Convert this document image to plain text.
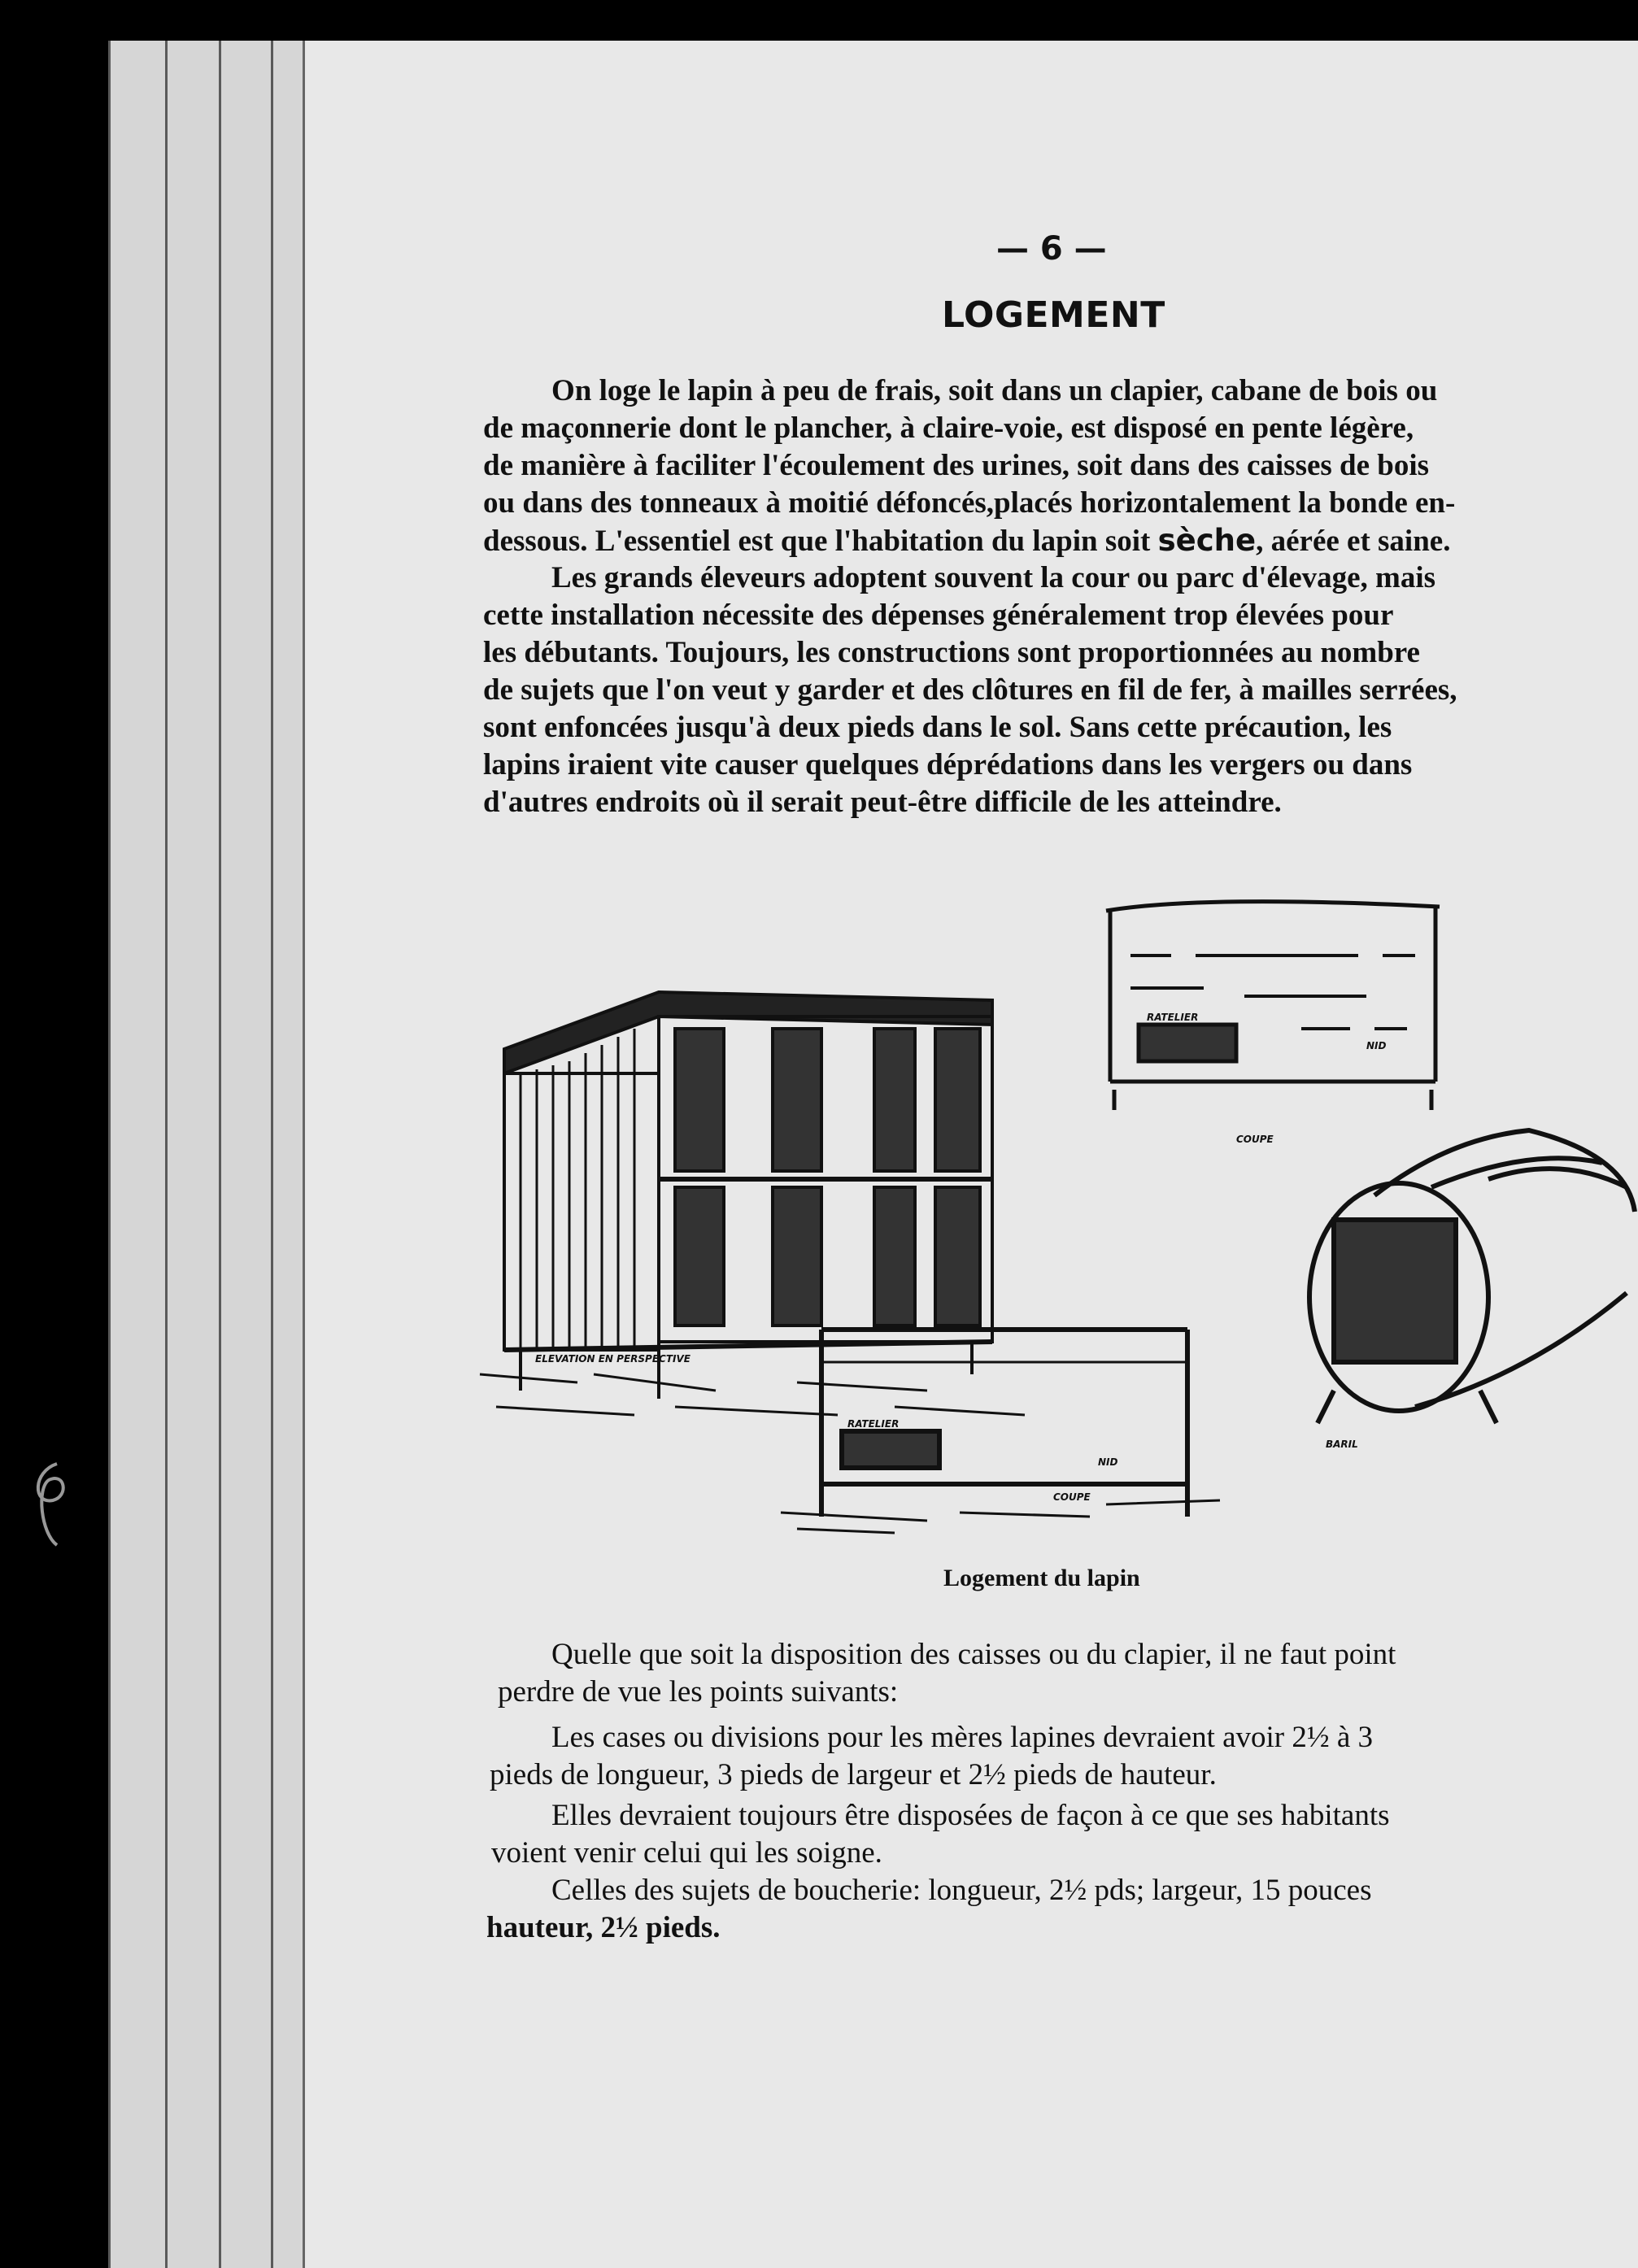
— 6 —
LOGEMENT

On loge le lapin à peu de frais, soit dans un clapier, cabane de bois ou
de maçonnerie dont le plancher, à claire-voie, est disposé en pente légère,
de manière à faciliter l'écoulement des urines, soit dans des caisses de bois
ou dans des tonneaux à moitié défoncés,placés horizontalement la bonde en-
dessous. L'essentiel est que l'habitation du lapin soit sèche, aérée et saine.

Les grands éleveurs adoptent souvent la cour ou parc d'élevage, mais
cette installation nécessite des dépenses généralement trop élevées pour
les débutants. Toujours, les constructions sont proportionnées au nombre
de sujets que l'on veut y garder et des clôtures en fil de fer, à mailles serrées,
sont enfoncées jusqu'à deux pieds dans le sol. Sans cette précaution, les
lapins iraient vite causer quelques déprédations dans les vergers ou dans
d'autres endroits où il serait peut-être difficile de les atteindre.

ELEVATION EN PERSPECTIVE
RATELIER
NID
COUPE
BARIL
RATELIER
NID
COUPE
Logement du lapin

Quelle que soit la disposition des caisses ou du clapier, il ne faut point
perdre de vue les points suivants:

Les cases ou divisions pour les mères lapines devraient avoir 2½ à 3
pieds de longueur, 3 pieds de largeur et 2½ pieds de hauteur.

Elles devraient toujours être disposées de façon à ce que ses habitants
voient venir celui qui les soigne.

Celles des sujets de boucherie: longueur, 2½ pds; largeur, 15 pouces
hauteur, 2½ pieds.
